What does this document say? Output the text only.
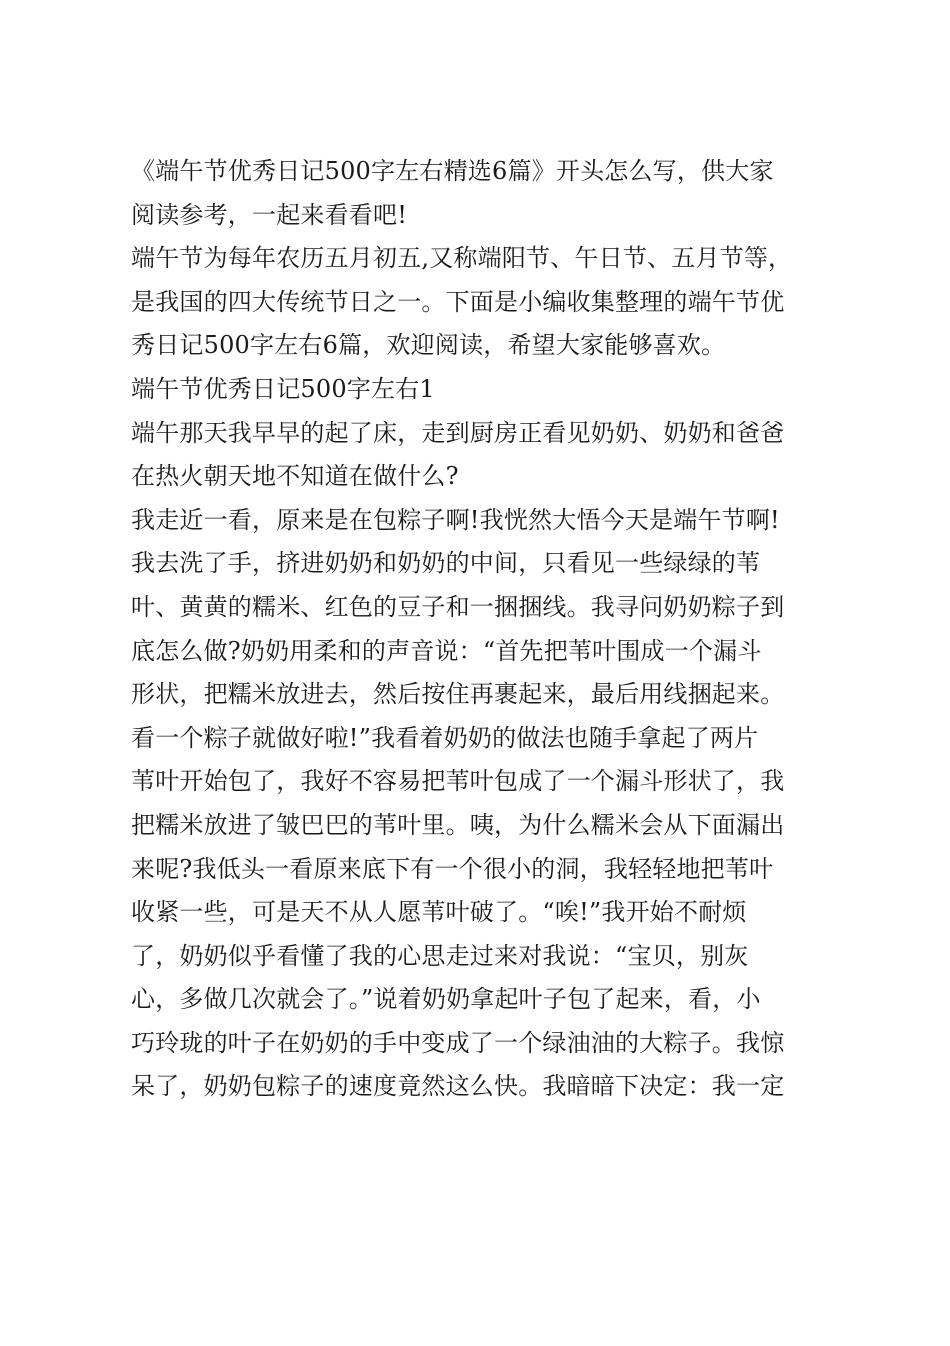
《端午节优秀日记500字左右精选6篇》开头怎么写，供大家
阅读参考，一起来看看吧!
端午节为每年农历五月初五,又称端阳节、午日节、五月节等，
是我国的四大传统节日之一。下面是小编收集整理的端午节优
秀日记500字左右6篇，欢迎阅读，希望大家能够喜欢。
端午节优秀日记500字左右1
端午那天我早早的起了床，走到厨房正看见奶奶、奶奶和爸爸
在热火朝天地不知道在做什么?
我走近一看，原来是在包粽子啊!我恍然大悟今天是端午节啊!
我去洗了手，挤进奶奶和奶奶的中间，只看见一些绿绿的苇
叶、黄黄的糯米、红色的豆子和一捆捆线。我寻问奶奶粽子到
底怎么做?奶奶用柔和的声音说：“首先把苇叶围成一个漏斗
形状，把糯米放进去，然后按住再裹起来，最后用线捆起来。
看一个粽子就做好啦!”我看着奶奶的做法也随手拿起了两片
苇叶开始包了，我好不容易把苇叶包成了一个漏斗形状了，我
把糯米放进了皱巴巴的苇叶里。咦，为什么糯米会从下面漏出
来呢?我低头一看原来底下有一个很小的洞，我轻轻地把苇叶
收紧一些，可是天不从人愿苇叶破了。“唉!”我开始不耐烦
了，奶奶似乎看懂了我的心思走过来对我说：“宝贝，别灰
心，多做几次就会了。”说着奶奶拿起叶子包了起来，看，小
巧玲珑的叶子在奶奶的手中变成了一个绿油油的大粽子。我惊
呆了，奶奶包粽子的速度竟然这么快。我暗暗下决定：我一定
